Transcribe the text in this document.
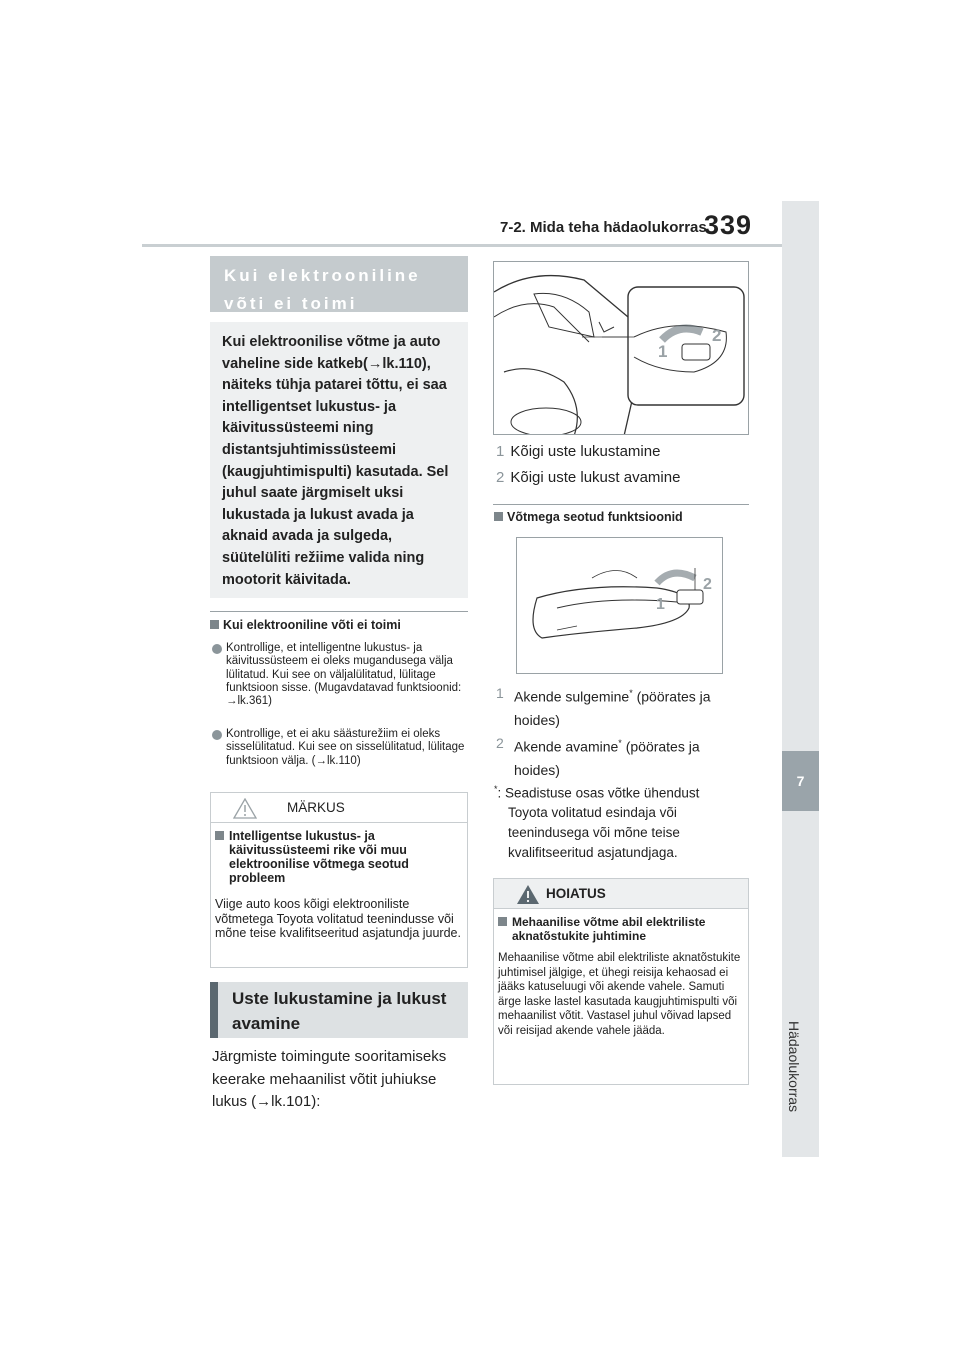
7-2. Mida teha hädaolukorras
339
7
Hädaolukorras
Kui elektrooniline võti ei toimi
Kui elektroonilise võtme ja auto vaheline side katkeb(→lk.110), näiteks tühja patarei tõttu, ei saa intelligentset lukustus- ja käivitussüsteemi ning distantsjuhtimissüsteemi (kaugjuhtimispulti) kasutada. Sel juhul saate järgmiselt uksi lukustada ja lukust avada ja aknaid avada ja sulgeda, süütelüliti režiime valida ning mootorit käivitada.
Kui elektrooniline võti ei toimi
Kontrollige, et intelligentne lukustus- ja käivitussüsteem ei oleks mugandusega välja lülitatud. Kui see on väljalülitatud, lülitage funktsioon sisse. (Mugavdatavad funktsioonid: →lk.361)
Kontrollige, et ei aku säästurežiim ei oleks sisselülitatud. Kui see on sisselülitatud, lülitage funktsioon välja. (→lk.110)
MÄRKUS
Intelligentse lukustus- ja käivitussüsteemi rike või muu elektroonilise võtmega seotud probleem
Viige auto koos kõigi elektrooniliste võtmetega Toyota volitatud teenindusse või mõne teise kvalifitseeritud asjatundja juurde.
Uste lukustamine ja lukust avamine
Järgmiste toimingute sooritamiseks keerake mehaanilist võtit juhiukse lukus (→lk.101):
1
2
1 Kõigi uste lukustamine
2 Kõigi uste lukust avamine
Võtmega seotud funktsioonid
1
2
1 Akende sulgemine* (pöörates ja hoides)
2 Akende avamine* (pöörates ja hoides)
*: Seadistuse osas võtke ühendust Toyota volitatud esindaja või teenindusega või mõne teise kvalifitseeritud asjatundjaga.
HOIATUS
Mehaanilise võtme abil elektriliste aknatõstukite juhtimine
Mehaanilise võtme abil elektriliste aknatõstukite juhtimisel jälgige, et ühegi reisija kehaosad ei jääks katuseluugi või akende vahele. Samuti ärge laske lastel kasutada kaugjuhtimispulti või mehaanilist võtit. Vastasel juhul võivad lapsed või reisijad akende vahele jääda.
